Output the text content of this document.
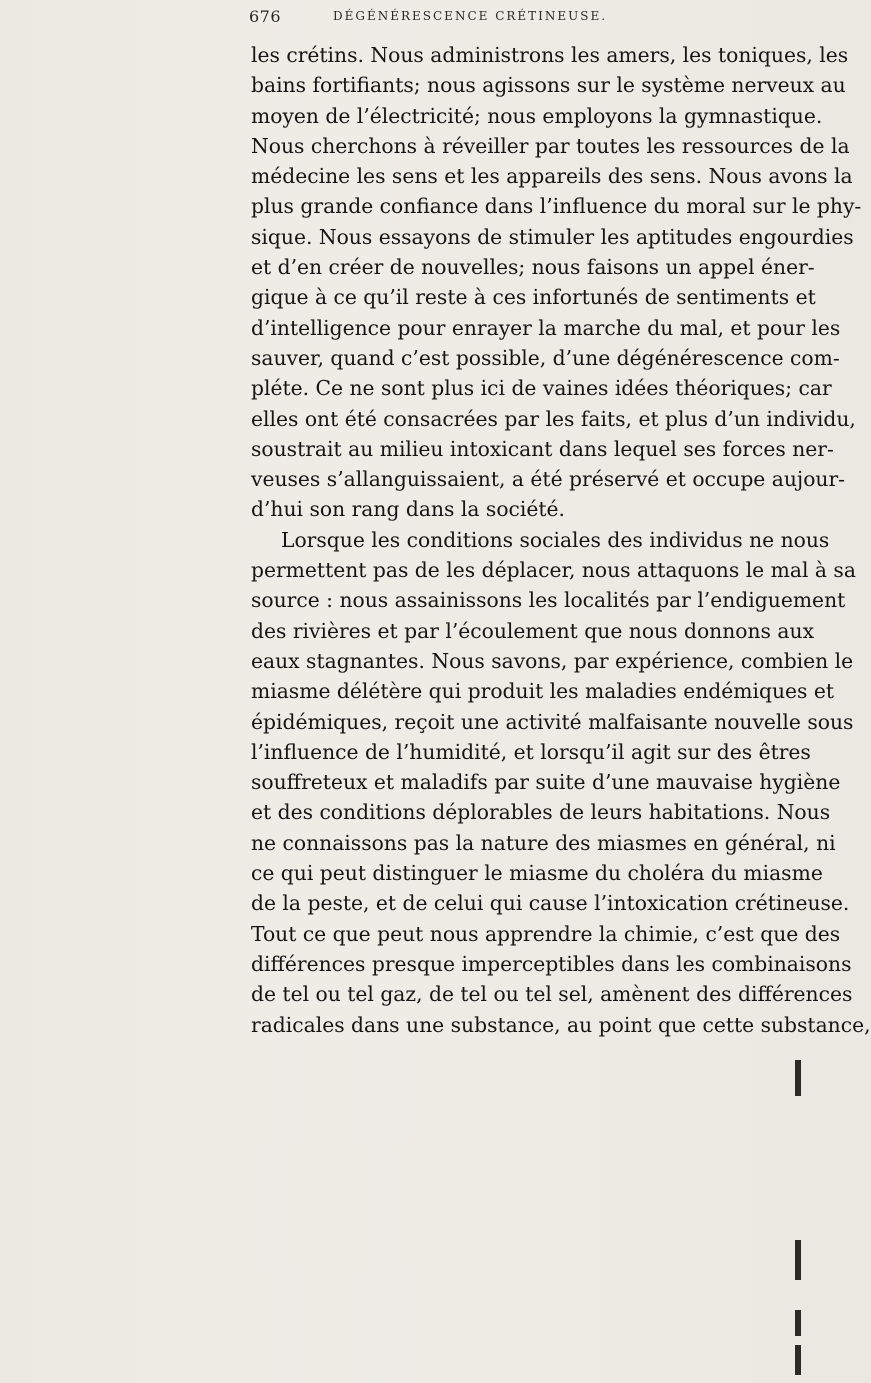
676	DÉGÉNÉRESCENCE CRÉTINEUSE.
les crétins. Nous administrons les amers, les toniques, les
bains fortifiants; nous agissons sur le système nerveux au
moyen de l’électricité; nous employons la gymnastique.
Nous cherchons à réveiller par toutes les ressources de la
médecine les sens et les appareils des sens. Nous avons la
plus grande confiance dans l’influence du moral sur le phy-
sique. Nous essayons de stimuler les aptitudes engourdies
et d’en créer de nouvelles; nous faisons un appel éner-
gique à ce qu’il reste à ces infortunés de sentiments et
d’intelligence pour enrayer la marche du mal, et pour les
sauver, quand c’est possible, d’une dégénérescence com-
pléte. Ce ne sont plus ici de vaines idées théoriques; car
elles ont été consacrées par les faits, et plus d’un individu,
soustrait au milieu intoxicant dans lequel ses forces ner-
veuses s’allanguissaient, a été préservé et occupe aujour-
d’hui son rang dans la société.
Lorsque les conditions sociales des individus ne nous
permettent pas de les déplacer, nous attaquons le mal à sa
source : nous assainissons les localités par l’endiguement
des rivières et par l’écoulement que nous donnons aux
eaux stagnantes. Nous savons, par expérience, combien le
miasme délétère qui produit les maladies endémiques et
épidémiques, reçoit une activité malfaisante nouvelle sous
l’influence de l’humidité, et lorsqu’il agit sur des êtres
souffreteux et maladifs par suite d’une mauvaise hygiène
et des conditions déplorables de leurs habitations. Nous
ne connaissons pas la nature des miasmes en général, ni
ce qui peut distinguer le miasme du choléra du miasme
de la peste, et de celui qui cause l’intoxication crétineuse.
Tout ce que peut nous apprendre la chimie, c’est que des
différences presque imperceptibles dans les combinaisons
de tel ou tel gaz, de tel ou tel sel, amènent des différences
radicales dans une substance, au point que cette substance,
